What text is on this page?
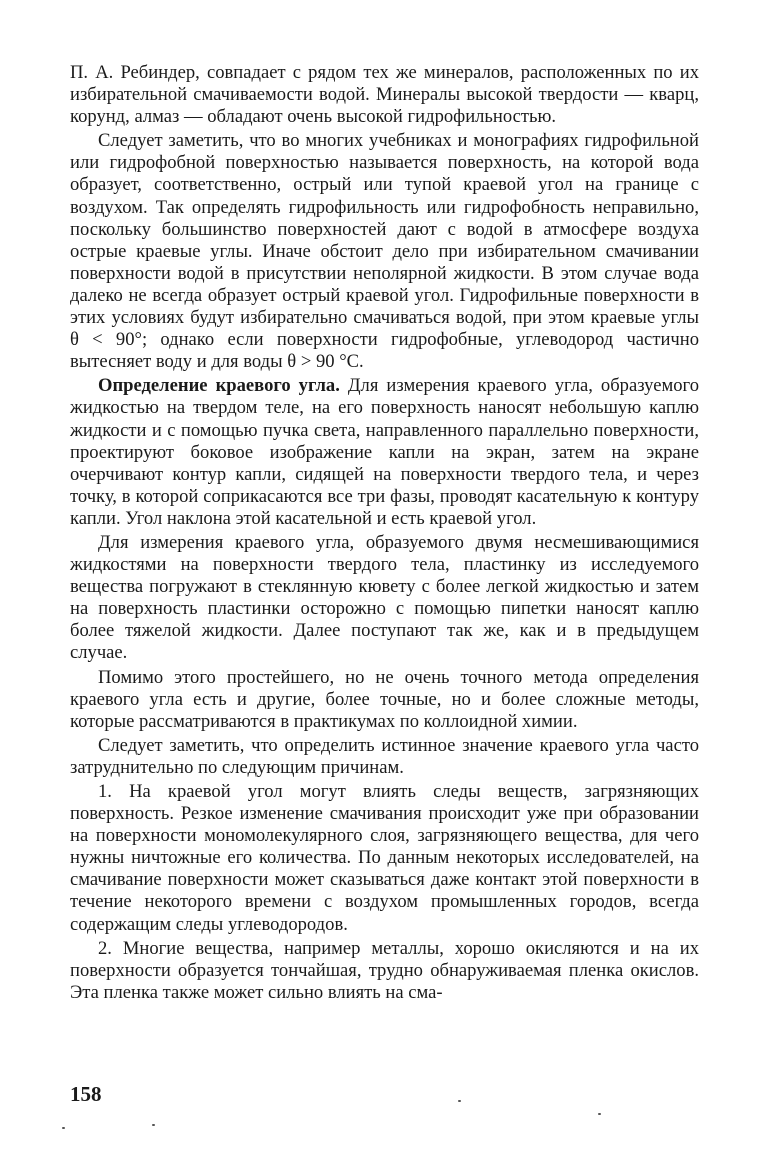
П. А. Ребиндер, совпадает с рядом тех же минералов, расположенных по их избирательной смачиваемости водой. Минералы высокой твердости — кварц, корунд, алмаз — обладают очень высокой гидрофильностью.

Следует заметить, что во многих учебниках и монографиях гидрофильной или гидрофобной поверхностью называется поверхность, на которой вода образует, соответственно, острый или тупой краевой угол на границе с воздухом. Так определять гидрофильность или гидрофобность неправильно, поскольку большинство поверхностей дают с водой в атмосфере воздуха острые краевые углы. Иначе обстоит дело при избирательном смачивании поверхности водой в присутствии неполярной жидкости. В этом случае вода далеко не всегда образует острый краевой угол. Гидрофильные поверхности в этих условиях будут избирательно смачиваться водой, при этом краевые углы θ < 90°; однако если поверхности гидрофобные, углеводород частично вытесняет воду и для воды θ > 90 °С.

Определение краевого угла. Для измерения краевого угла, образуемого жидкостью на твердом теле, на его поверхность наносят небольшую каплю жидкости и с помощью пучка света, направленного параллельно поверхности, проектируют боковое изображение капли на экран, затем на экране очерчивают контур капли, сидящей на поверхности твердого тела, и через точку, в которой соприкасаются все три фазы, проводят касательную к контуру капли. Угол наклона этой касательной и есть краевой угол.

Для измерения краевого угла, образуемого двумя несмешивающимися жидкостями на поверхности твердого тела, пластинку из исследуемого вещества погружают в стеклянную кювету с более легкой жидкостью и затем на поверхность пластинки осторожно с помощью пипетки наносят каплю более тяжелой жидкости. Далее поступают так же, как и в предыдущем случае.

Помимо этого простейшего, но не очень точного метода определения краевого угла есть и другие, более точные, но и более сложные методы, которые рассматриваются в практикумах по коллоидной химии.

Следует заметить, что определить истинное значение краевого угла часто затруднительно по следующим причинам.

1. На краевой угол могут влиять следы веществ, загрязняющих поверхность. Резкое изменение смачивания происходит уже при образовании на поверхности мономолекулярного слоя, загрязняющего вещества, для чего нужны ничтожные его количества. По данным некоторых исследователей, на смачивание поверхности может сказываться даже контакт этой поверхности в течение некоторого времени с воздухом промышленных городов, всегда содержащим следы углеводородов.

2. Многие вещества, например металлы, хорошо окисляются и на их поверхности образуется тончайшая, трудно обнаруживаемая пленка окислов. Эта пленка также может сильно влиять на сма-

158
